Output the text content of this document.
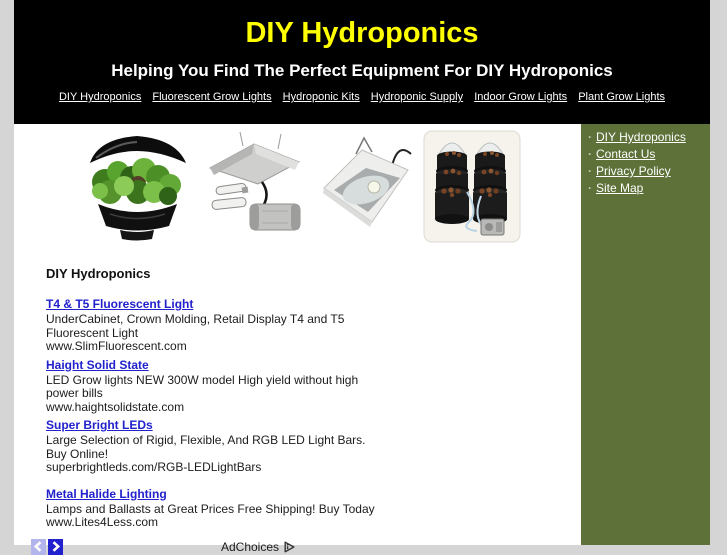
DIY Hydroponics
Helping You Find The Perfect Equipment For DIY Hydroponics
DIY Hydroponics Fluorescent Grow Lights Hydroponic Kits Hydroponic Supply Indoor Grow Lights Plant Grow Lights
DIY Hydroponics
T4 & T5 Fluorescent Light
UnderCabinet, Crown Molding, Retail Display T4 and T5
Fluorescent Light
www.SlimFluorescent.com
Haight Solid State
LED Grow lights NEW 300W model High yield without high
power bills
www.haightsolidstate.com
Super Bright LEDs
Large Selection of Rigid, Flexible, And RGB LED Light Bars.
Buy Online!
superbrightleds.com/RGB-LEDLightBars
Metal Halide Lighting
Lamps and Ballasts at Great Prices Free Shipping! Buy Today
www.Lites4Less.com
AdChoices
· DIY Hydroponics
· Contact Us
· Privacy Policy
· Site Map
